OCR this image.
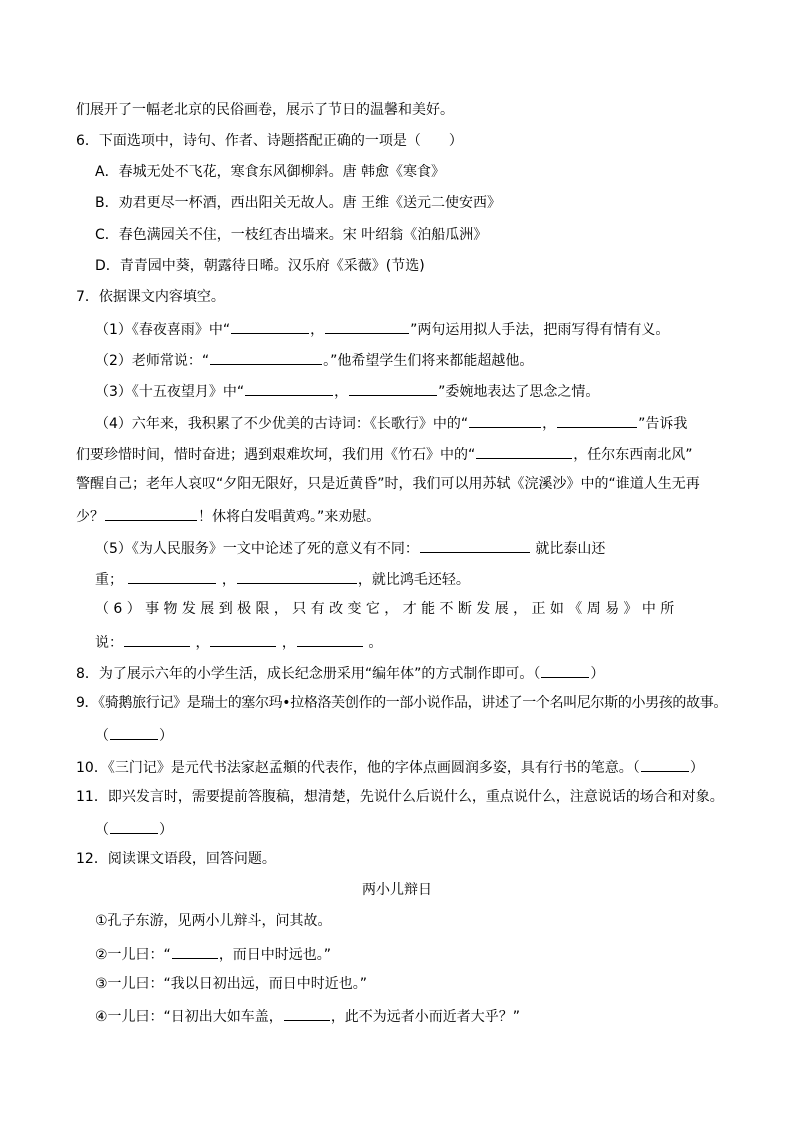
们展开了一幅老北京的民俗画卷，展示了节日的温馨和美好。
6．下面选项中，诗句、作者、诗题搭配正确的一项是（　　）
A．春城无处不飞花，寒食东风御柳斜。唐 韩愈《寒食》
B．劝君更尽一杯酒，西出阳关无故人。唐 王维《送元二使安西》
C．春色满园关不住，一枝红杏出墙来。宋 叶绍翁《泊船瓜洲》
D．青青园中葵，朝露待日晞。汉乐府《采薇》(节选)
7．依据课文内容填空。
（1）《春夜喜雨》中“	，	”两句运用拟人手法，把雨写得有情有义。
（2）老师常说：“	。”他希望学生们将来都能超越他。
（3）《十五夜望月》中“	，	”委婉地表达了思念之情。
（4）六年来，我积累了不少优美的古诗词：《长歌行》中的“	，	”告诉我
们要珍惜时间，惜时奋进；遇到艰难坎坷，我们用《竹石》中的“	，任尔东西南北风”
警醒自己；老年人哀叹“夕阳无限好，只是近黄昏”时，我们可以用苏轼《浣溪沙》中的“谁道人生无再
少？	！休将白发唱黄鸡。”来劝慰。
（5）《为人民服务》一文中论述了死的意义有不同：	就比泰山还
重；	，	，就比鸿毛还轻。
（6）事物发展到极限，只有改变它，才能不断发展，正如《周易》中所
说：	，	，	。
8．为了展示六年的小学生活，成长纪念册采用“编年体”的方式制作即可。（	）
9．《骑鹅旅行记》是瑞士的塞尔玛•拉格洛芙创作的一部小说作品，讲述了一个名叫尼尔斯的小男孩的故事。
（	）
10．《三门记》是元代书法家赵孟頫的代表作，他的字体点画圆润多姿，具有行书的笔意。（	）
11．即兴发言时，需要提前答腹稿，想清楚，先说什么后说什么，重点说什么，注意说话的场合和对象。
（	）
12．阅读课文语段，回答问题。
两小儿辩日
①孔子东游，见两小儿辩斗，问其故。
②一儿曰：“	，而日中时远也。”
③一儿曰：“我以日初出远，而日中时近也。”
④一儿曰：“日初出大如车盖，	，此不为远者小而近者大乎？”
